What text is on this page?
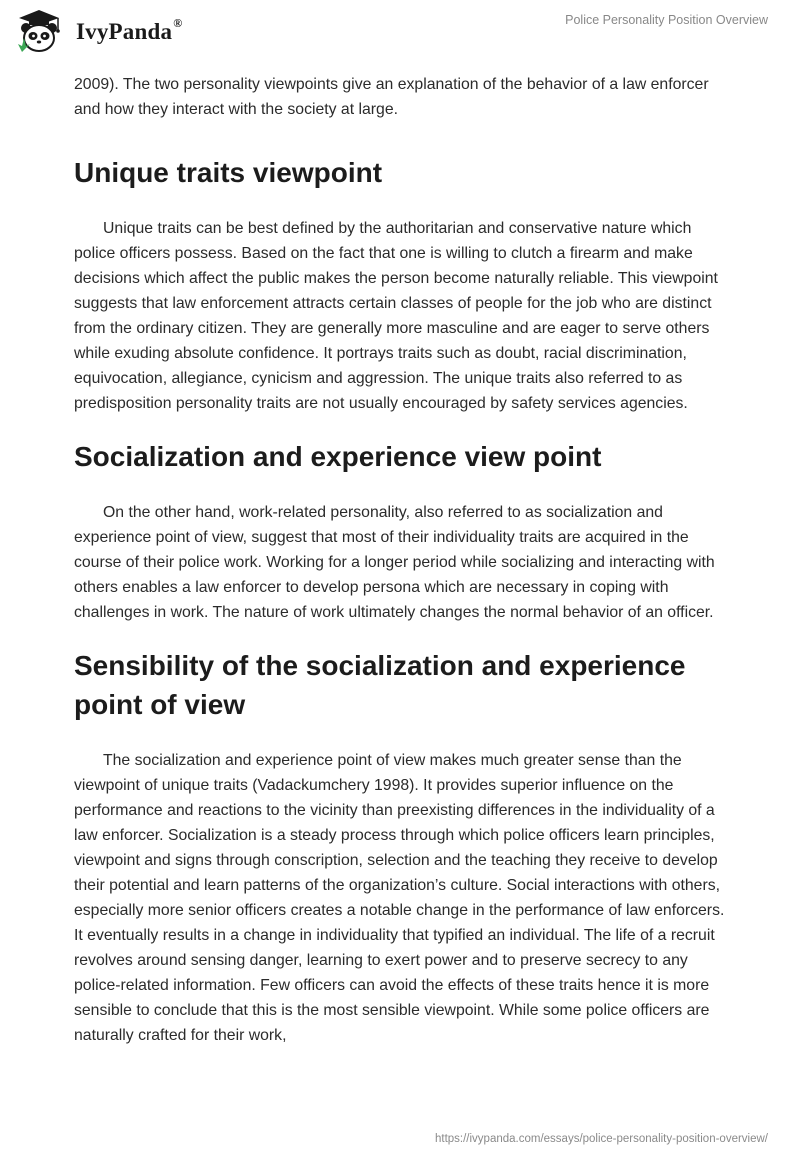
IvyPanda®	Police Personality Position Overview

2009). The two personality viewpoints give an explanation of the behavior of a law enforcer and how they interact with the society at large.

Unique traits viewpoint

Unique traits can be best defined by the authoritarian and conservative nature which police officers possess. Based on the fact that one is willing to clutch a firearm and make decisions which affect the public makes the person become naturally reliable. This viewpoint suggests that law enforcement attracts certain classes of people for the job who are distinct from the ordinary citizen. They are generally more masculine and are eager to serve others while exuding absolute confidence. It portrays traits such as doubt, racial discrimination, equivocation, allegiance, cynicism and aggression. The unique traits also referred to as predisposition personality traits are not usually encouraged by safety services agencies.

Socialization and experience view point

On the other hand, work-related personality, also referred to as socialization and experience point of view, suggest that most of their individuality traits are acquired in the course of their police work. Working for a longer period while socializing and interacting with others enables a law enforcer to develop persona which are necessary in coping with challenges in work. The nature of work ultimately changes the normal behavior of an officer.

Sensibility of the socialization and experience point of view

The socialization and experience point of view makes much greater sense than the viewpoint of unique traits (Vadackumchery 1998). It provides superior influence on the performance and reactions to the vicinity than preexisting differences in the individuality of a law enforcer. Socialization is a steady process through which police officers learn principles, viewpoint and signs through conscription, selection and the teaching they receive to develop their potential and learn patterns of the organization’s culture. Social interactions with others, especially more senior officers creates a notable change in the performance of law enforcers. It eventually results in a change in individuality that typified an individual. The life of a recruit revolves around sensing danger, learning to exert power and to preserve secrecy to any police-related information. Few officers can avoid the effects of these traits hence it is more sensible to conclude that this is the most sensible viewpoint. While some police officers are naturally crafted for their work,

https://ivypanda.com/essays/police-personality-position-overview/
